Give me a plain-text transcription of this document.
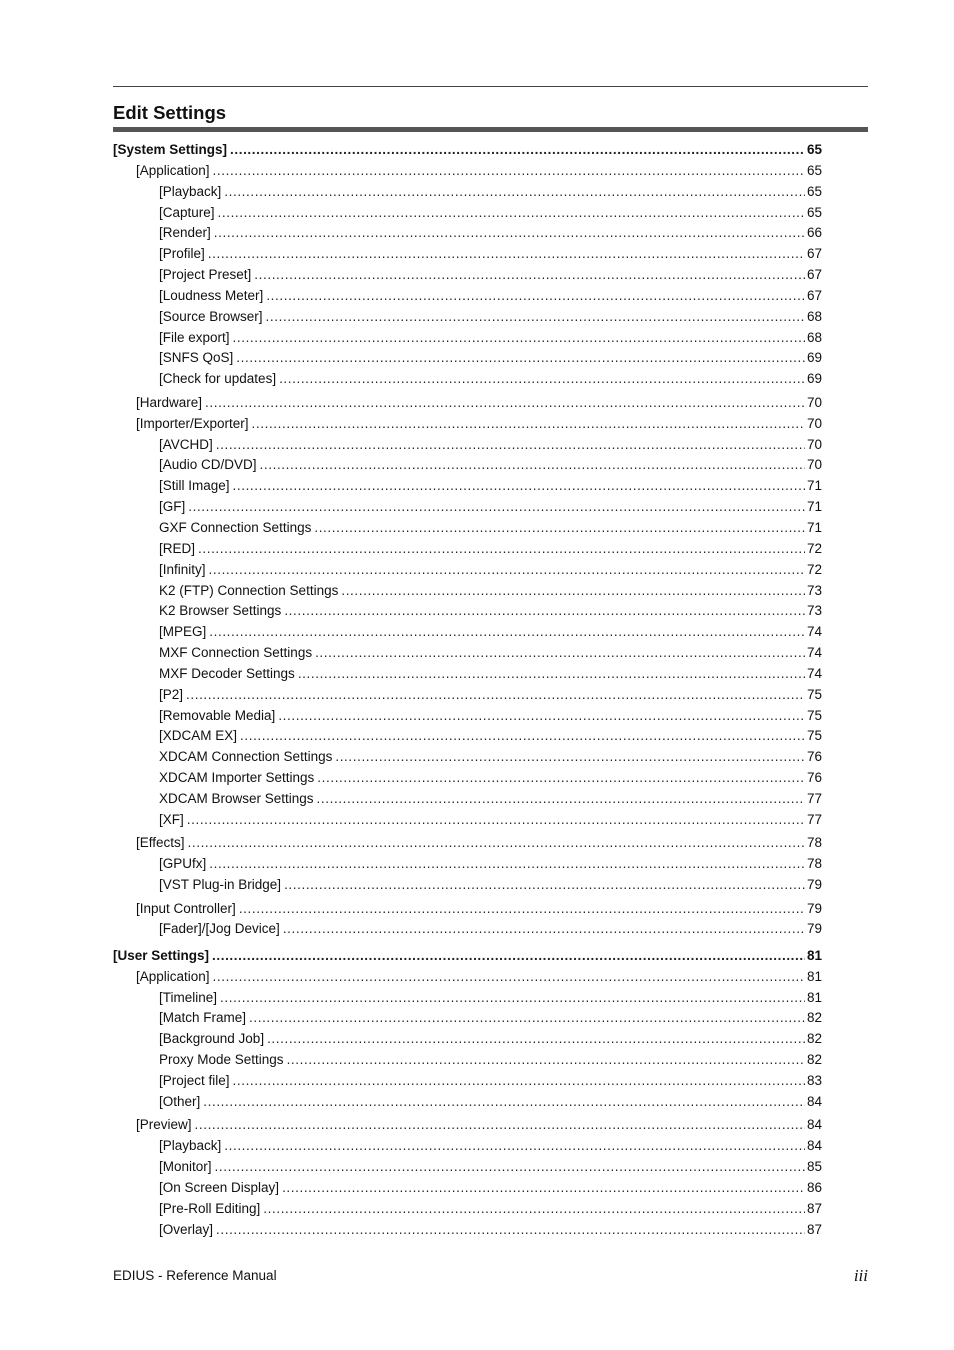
Edit Settings
[System Settings] .....	65
[Application] .....	65
[Playback] .....	65
[Capture] .....	65
[Render] .....	66
[Profile] .....	67
[Project Preset] .....	67
[Loudness Meter] .....	67
[Source Browser] .....	68
[File export] .....	68
[SNFS QoS] .....	69
[Check for updates] .....	69
[Hardware] .....	70
[Importer/Exporter] .....	70
[AVCHD] .....	70
[Audio CD/DVD] .....	70
[Still Image] .....	71
[GF] .....	71
GXF Connection Settings .....	71
[RED] .....	72
[Infinity] .....	72
K2 (FTP) Connection Settings .....	73
K2 Browser Settings .....	73
[MPEG] .....	74
MXF Connection Settings .....	74
MXF Decoder Settings .....	74
[P2] .....	75
[Removable Media] .....	75
[XDCAM EX] .....	75
XDCAM Connection Settings .....	76
XDCAM Importer Settings .....	76
XDCAM Browser Settings .....	77
[XF] .....	77
[Effects] .....	78
[GPUfx] .....	78
[VST Plug-in Bridge] .....	79
[Input Controller] .....	79
[Fader]/[Jog Device] .....	79
[User Settings] .....	81
[Application] .....	81
[Timeline] .....	81
[Match Frame] .....	82
[Background Job] .....	82
Proxy Mode Settings .....	82
[Project file] .....	83
[Other] .....	84
[Preview] .....	84
[Playback] .....	84
[Monitor] .....	85
[On Screen Display] .....	86
[Pre-Roll Editing] .....	87
[Overlay] .....	87
EDIUS - Reference Manual	iii
